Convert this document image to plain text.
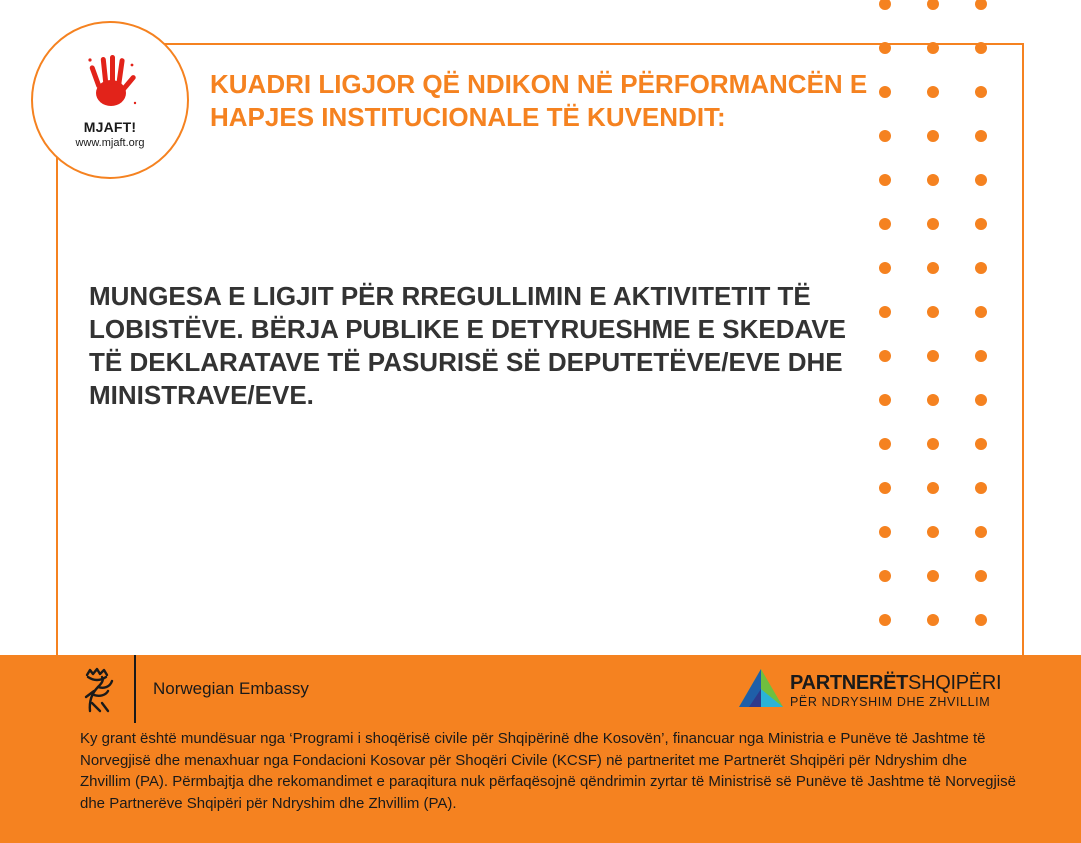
MJAFT!
www.mjaft.org
KUADRI LIGJOR QË NDIKON NË PËRFORMANCËN E HAPJES INSTITUCIONALE TË KUVENDIT:

MUNGESA E LIGJIT PËR RREGULLIMIN E AKTIVITETIT TË LOBISTËVE. BËRJA PUBLIKE E DETYRUESHME E SKEDAVE TË DEKLARATAVE TË PASURISË SË DEPUTETËVE/EVE DHE MINISTRAVE/EVE.

Norwegian Embassy	PARTNERËTSHQIPËRI
PËR NDRYSHIM DHE ZHVILLIM

Ky grant është mundësuar nga ‘Programi i shoqërisë civile për Shqipërinë dhe Kosovën’, financuar nga Ministria e Punëve të Jashtme të Norvegjisë dhe menaxhuar nga Fondacioni Kosovar për Shoqëri Civile (KCSF) në partneritet me Partnerët Shqipëri për Ndryshim dhe Zhvillim (PA). Përmbajtja dhe rekomandimet e paraqitura nuk përfaqësojnë qëndrimin zyrtar të Ministrisë së Punëve të Jashtme të Norvegjisë dhe Partnerëve Shqipëri për Ndryshim dhe Zhvillim (PA).
